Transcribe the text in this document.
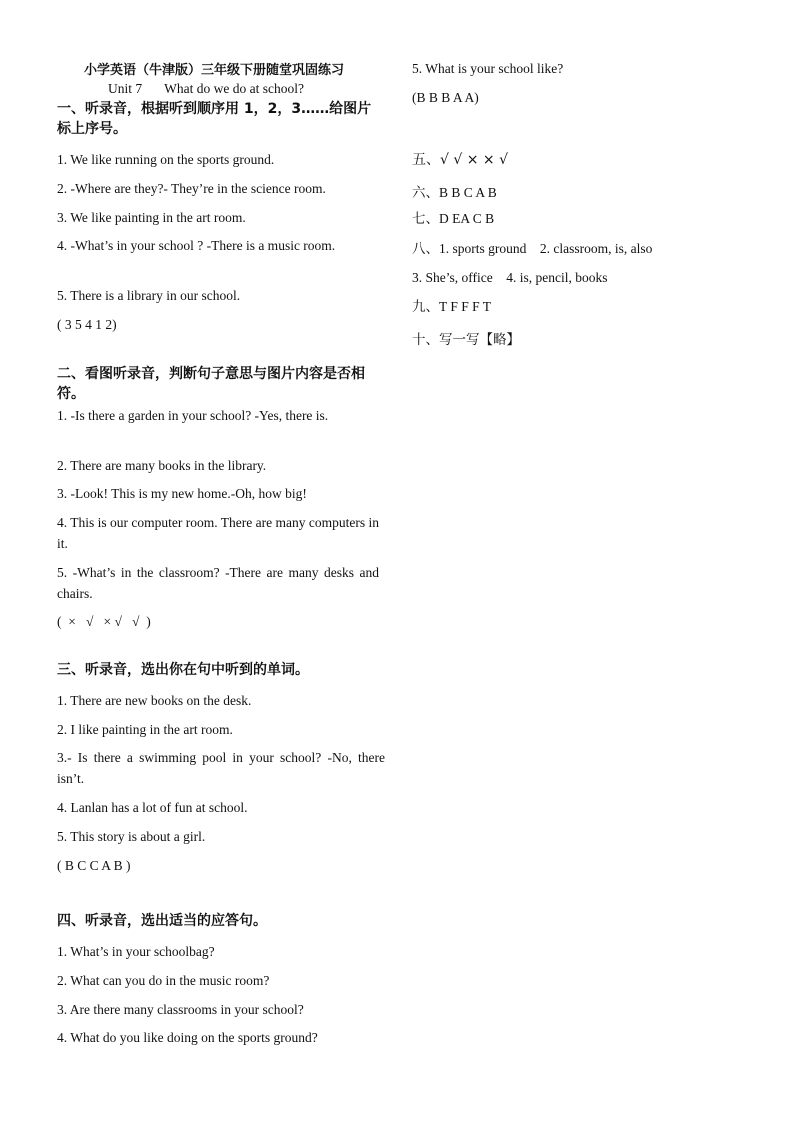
小学英语（牛津版）三年级下册随堂巩固练习
Unit 7 What do we do at school?
一、听录音，根据听到顺序用 1，2，3……给图片标上序号。
1. We like running on the sports ground.
2. -Where are they?- They’re in the science room.
3. We like painting in the art room.
4. -What’s in your school ? -There is a music room.
5. There is a library in our school.
( 3 5 4 1 2)
二、看图听录音，判断句子意思与图片内容是否相符。
1. -Is there a garden in your school? -Yes, there is.
2. There are many books in the library.
3. -Look! This is my new home.-Oh, how big!
4. This is our computer room. There are many computers in it.
5. -What’s in the classroom? -There are many desks and chairs.
(  ×   √   × √   √  )
三、听录音，选出你在句中听到的单词。
1. There are new books on the desk.
2. I like painting in the art room.
3.- Is there a swimming pool in your school? -No, there isn’t.
4. Lanlan has a lot of fun at school.
5. This story is about a girl.
( B C C A B )
四、听录音，选出适当的应答句。
1. What’s in your schoolbag?
2. What can you do in the music room?
3. Are there many classrooms in your school?
4. What do you like doing on the sports ground?
5. What is your school like?
(B B B A A)
五、√ √ × × √
六、B B C A B
七、D EA C B
八、1. sports ground    2. classroom, is, also
3. She’s, office    4. is, pencil, books
九、T F F F T
十、写一写【略】
